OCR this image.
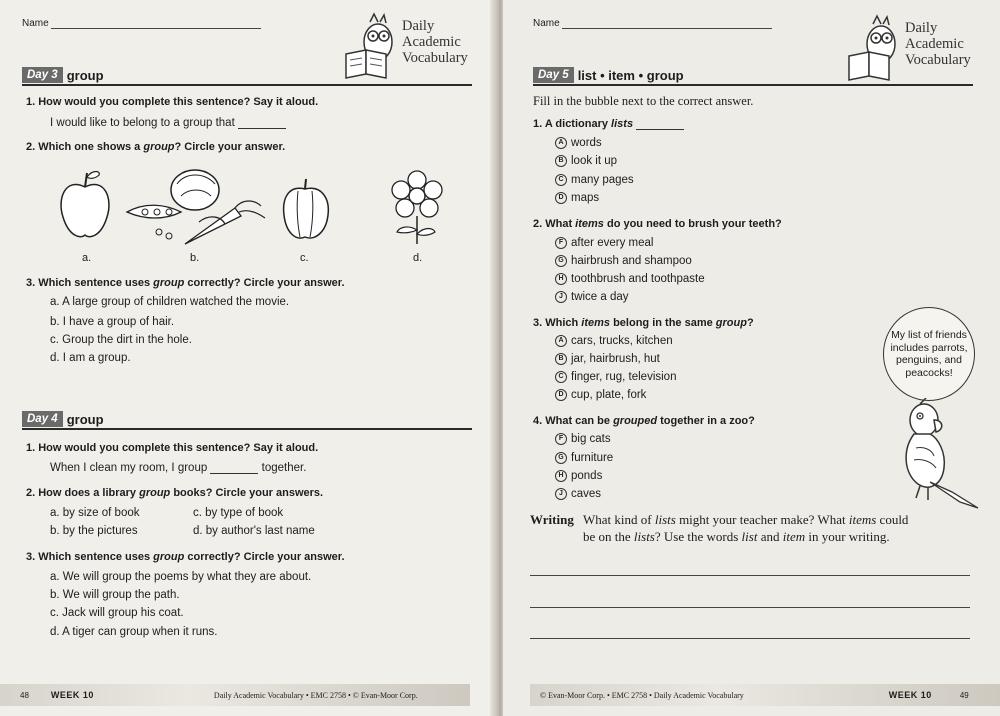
Name	Daily
Academic
Vocabulary
Day 3 group
1. How would you complete this sentence? Say it aloud.
I would like to belong to a group that
2. Which one shows a group? Circle your answer.
a.	b.	c.	d.
3. Which sentence uses group correctly? Circle your answer.
a. A large group of children watched the movie.
b. I have a group of hair.
c. Group the dirt in the hole.
d. I am a group.
Day 4 group
1. How would you complete this sentence? Say it aloud.
When I clean my room, I group	together.
2. How does a library group books? Circle your answers.
a. by size of book	c. by type of book
b. by the pictures	d. by author's last name
3. Which sentence uses group correctly? Circle your answer.
a. We will group the poems by what they are about.
b. We will group the path.
c. Jack will group his coat.
d. A tiger can group when it runs.
48 WEEK 10	Daily Academic Vocabulary • EMC 2758 • © Evan-Moor Corp.
Name	Daily
Academic
Vocabulary
Day 5 list • item • group
Fill in the bubble next to the correct answer.
1. A dictionary lists
A words
B look it up
C many pages
D maps
2. What items do you need to brush your teeth?
F after every meal
G hairbrush and shampoo
H toothbrush and toothpaste
J twice a day
3. Which items belong in the same group?
A cars, trucks, kitchen
B jar, hairbrush, hut
C finger, rug, television
D cup, plate, fork
4. What can be grouped together in a zoo?
F big cats
G furniture
H ponds
J caves
Writing What kind of lists might your teacher make? What items could
be on the lists? Use the words list and item in your writing.
© Evan-Moor Corp. • EMC 2758 • Daily Academic Vocabulary	WEEK 10	49
My list of friends includes parrots, penguins, and peacocks!
